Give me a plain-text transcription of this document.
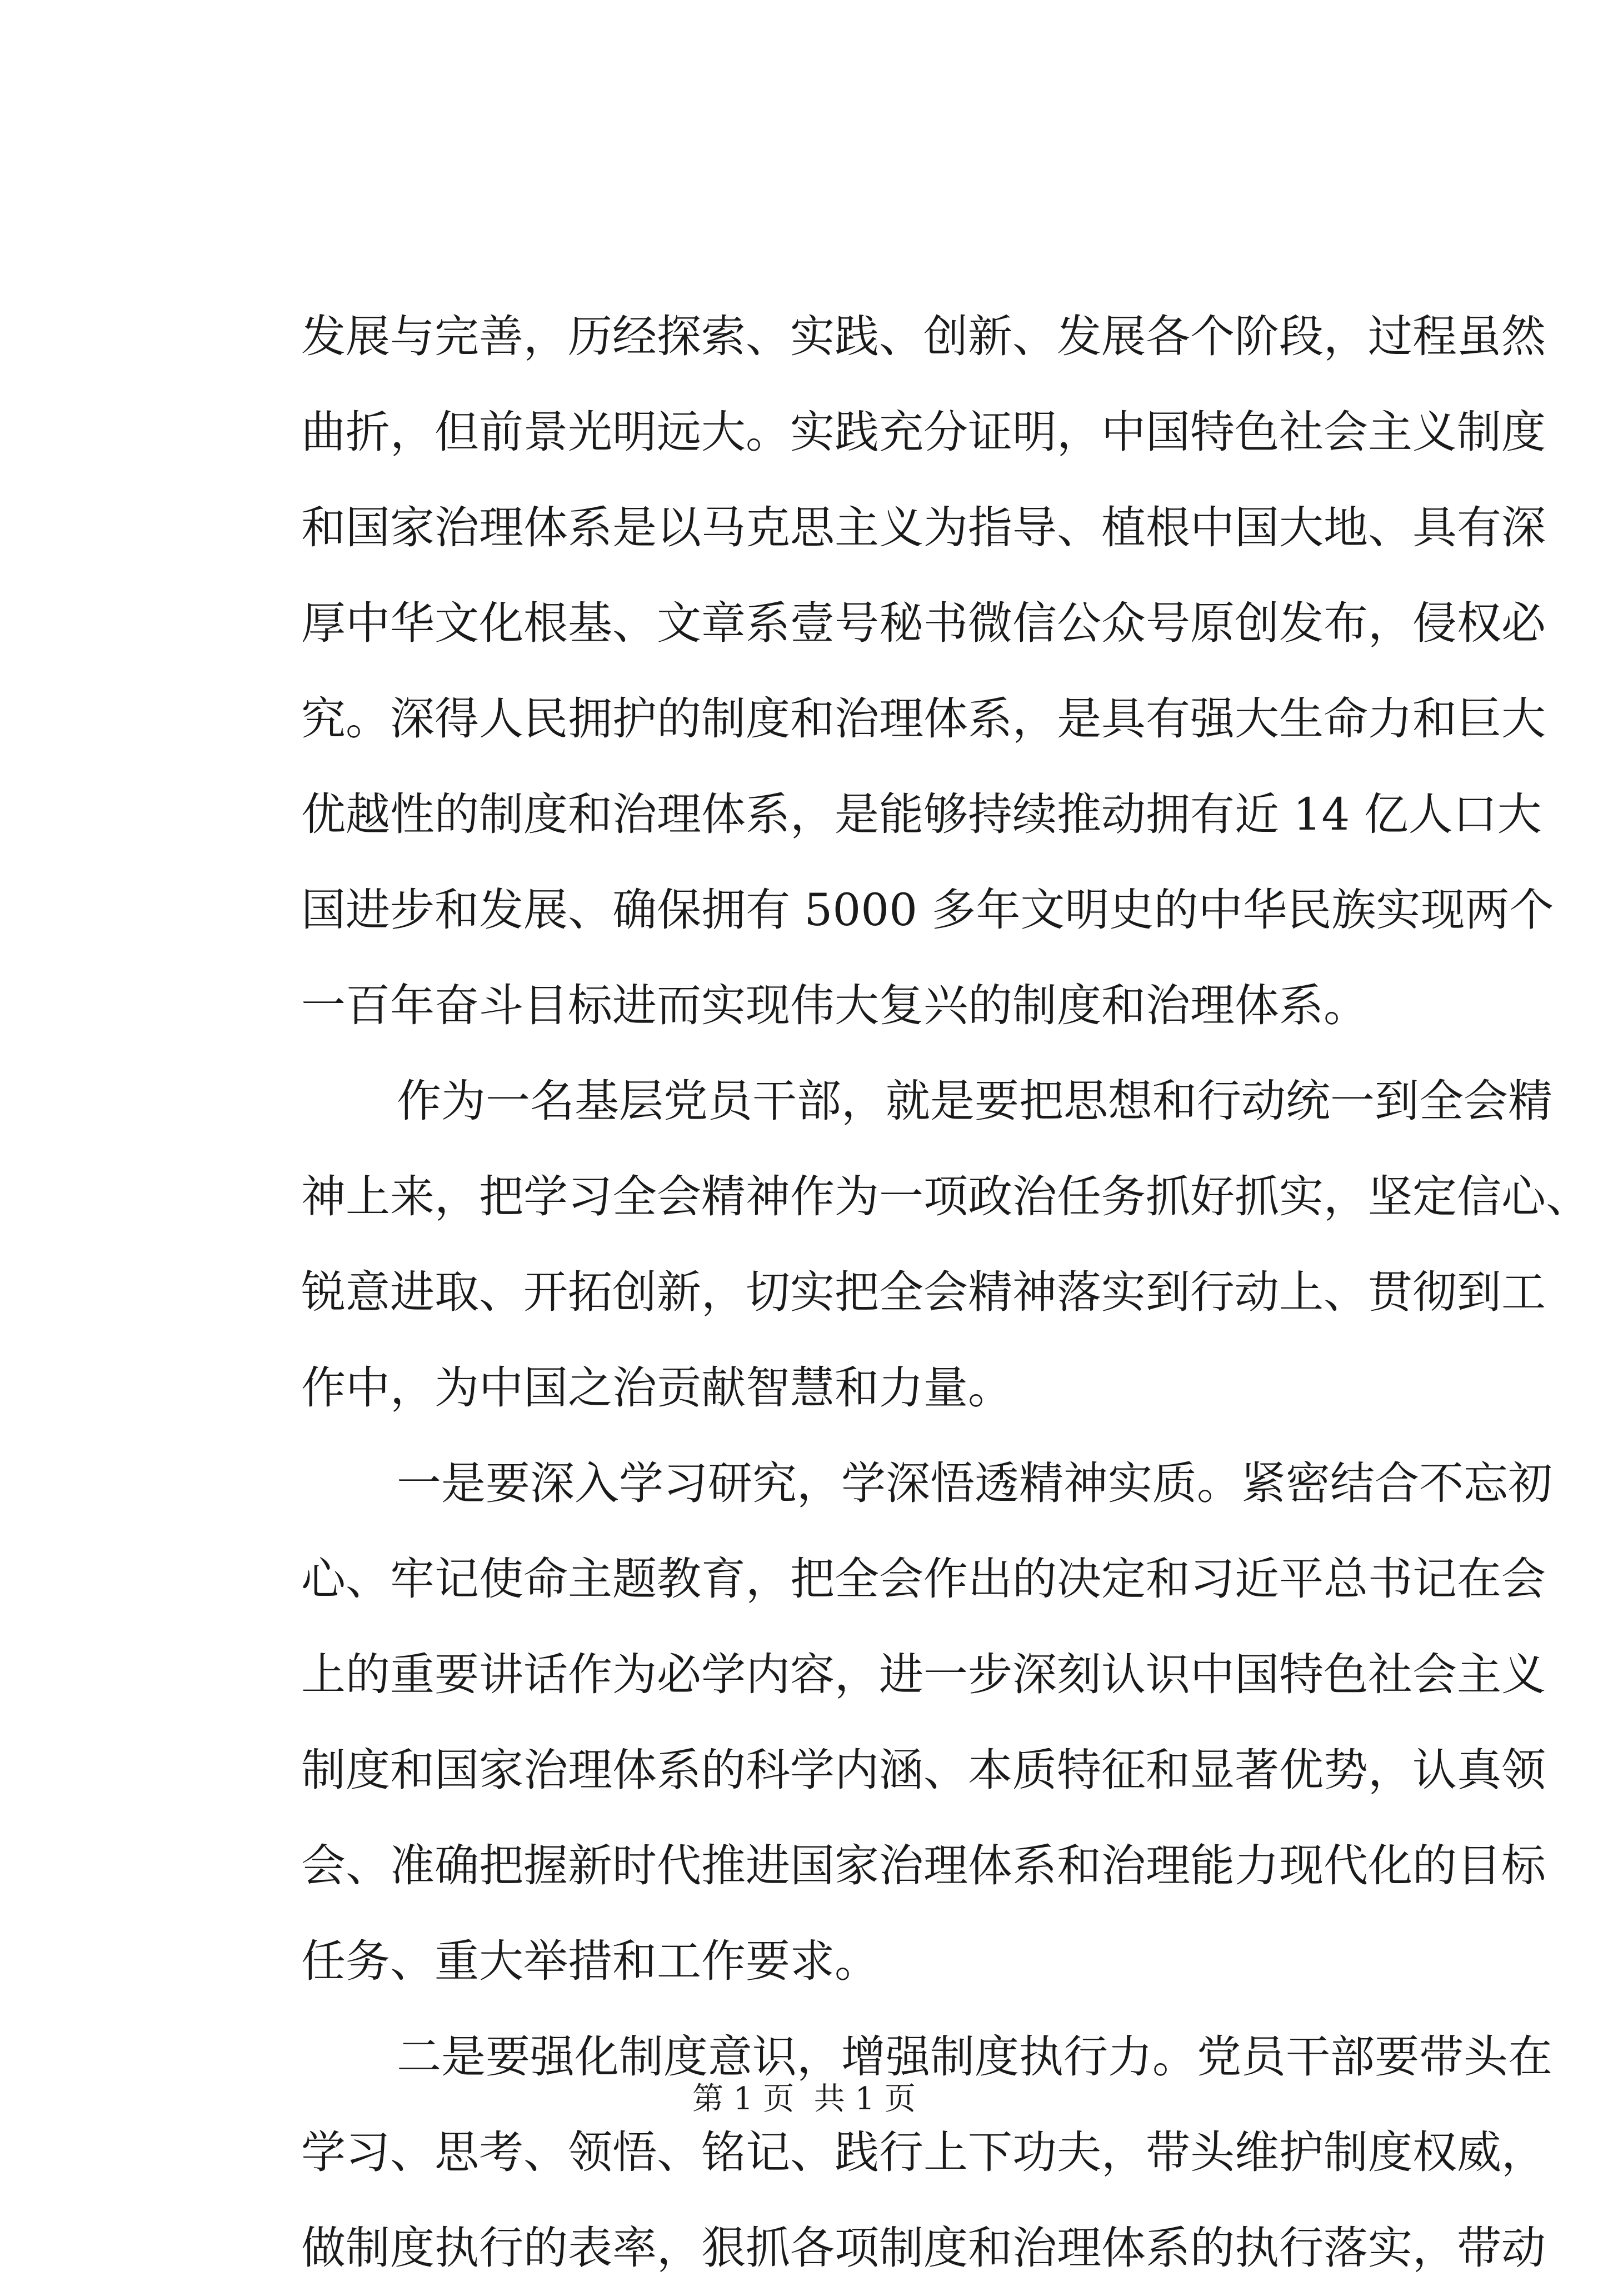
发展与完善，历经探索、实践、创新、发展各个阶段，过程虽然
曲折，但前景光明远大。实践充分证明，中国特色社会主义制度
和国家治理体系是以马克思主义为指导、植根中国大地、具有深
厚中华文化根基、文章系壹号秘书微信公众号原创发布，侵权必
究。深得人民拥护的制度和治理体系，是具有强大生命力和巨大
优越性的制度和治理体系，是能够持续推动拥有近 14 亿人口大
国进步和发展、确保拥有 5000 多年文明史的中华民族实现两个
一百年奋斗目标进而实现伟大复兴的制度和治理体系。
作为一名基层党员干部，就是要把思想和行动统一到全会精
神上来，把学习全会精神作为一项政治任务抓好抓实，坚定信心、
锐意进取、开拓创新，切实把全会精神落实到行动上、贯彻到工
作中，为中国之治贡献智慧和力量。
一是要深入学习研究，学深悟透精神实质。紧密结合不忘初
心、牢记使命主题教育，把全会作出的决定和习近平总书记在会
上的重要讲话作为必学内容，进一步深刻认识中国特色社会主义
制度和国家治理体系的科学内涵、本质特征和显著优势，认真领
会、准确把握新时代推进国家治理体系和治理能力现代化的目标
任务、重大举措和工作要求。
二是要强化制度意识，增强制度执行力。党员干部要带头在
学习、思考、领悟、铭记、践行上下功夫，带头维护制度权威，
做制度执行的表率，狠抓各项制度和治理体系的执行落实，带动
第 1 页  共 1 页
